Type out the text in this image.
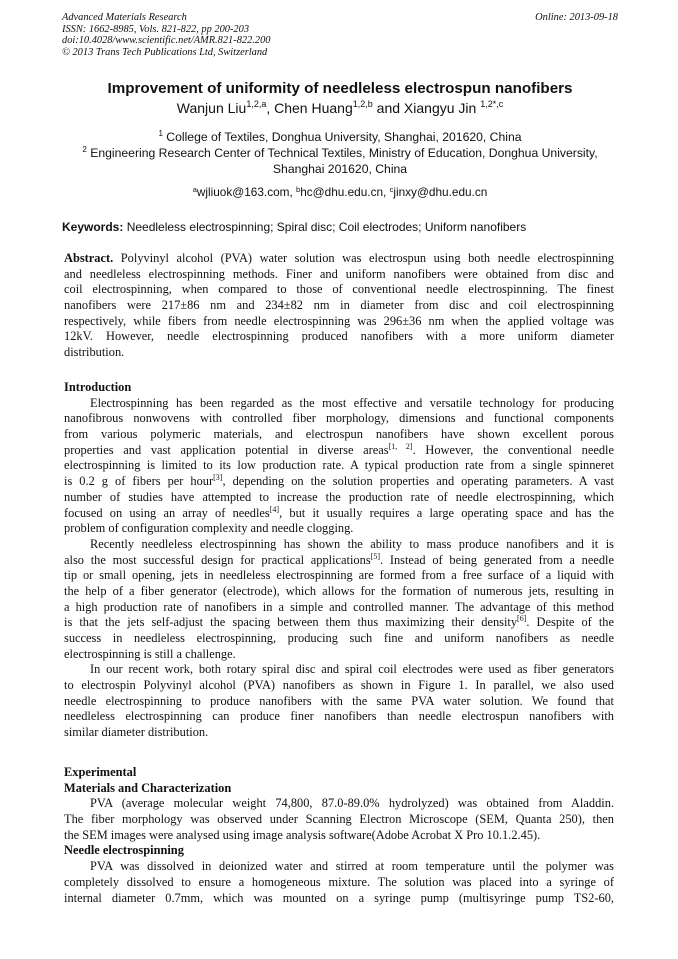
Advanced Materials Research
ISSN: 1662-8985, Vols. 821-822, pp 200-203
doi:10.4028/www.scientific.net/AMR.821-822.200
© 2013 Trans Tech Publications Ltd, Switzerland
Online: 2013-09-18
Improvement of uniformity of needleless electrospun nanofibers
Wanjun Liu$^{1,2,a}$, Chen Huang$^{1,2,b}$ and Xiangyu Jin $^{1,2*,c}$
$^1$ College of Textiles, Donghua University, Shanghai, 201620, China
$^2$ Engineering Research Center of Technical Textiles, Ministry of Education, Donghua University,
Shanghai 201620, China
$^a$wjliuok@163.com, $^b$hc@dhu.edu.cn, $^c$jinxy@dhu.edu.cn
Keywords: Needleless electrospinning; Spiral disc; Coil electrodes; Uniform nanofibers
Abstract. Polyvinyl alcohol (PVA) water solution was electrospun using both needle electrospinning
and needleless electrospinning methods. Finer and uniform nanofibers were obtained from disc and
coil electrospinning, when compared to those of conventional needle electrospinning. The finest
nanofibers were 217±86 nm and 234±82 nm in diameter from disc and coil electrospinning
respectively, while fibers from needle electrospinning was 296±36 nm when the applied voltage was
12kV. However, needle electrospinning produced nanofibers with a more uniform diameter
distribution.
Introduction
Electrospinning has been regarded as the most effective and versatile technology for producing
nanofibrous nonwovens with controlled fiber morphology, dimensions and functional components
from various polymeric materials, and electrospun nanofibers have shown excellent porous
properties and vast application potential in diverse areas[1, 2]. However, the conventional needle
electrospinning is limited to its low production rate. A typical production rate from a single spinneret
is 0.2 g of fibers per hour[3], depending on the solution properties and operating parameters. A vast
number of studies have attempted to increase the production rate of needle electrospinning, which
focused on using an array of needles[4], but it usually requires a large operating space and has the
problem of configuration complexity and needle clogging.
Recently needleless electrospinning has shown the ability to mass produce nanofibers and it is
also the most successful design for practical applications[5]. Instead of being generated from a needle
tip or small opening, jets in needleless electrospinning are formed from a free surface of a liquid with
the help of a fiber generator (electrode), which allows for the formation of numerous jets, resulting in
a high production rate of nanofibers in a simple and controlled manner. The advantage of this method
is that the jets self-adjust the spacing between them thus maximizing their density[6]. Despite of the
success in needleless electrospinning, producing such fine and uniform nanofibers as needle
electrospinning is still a challenge.
In our recent work, both rotary spiral disc and spiral coil electrodes were used as fiber generators
to electrospin Polyvinyl alcohol (PVA) nanofibers as shown in Figure 1. In parallel, we also used
needle electrospinning to produce nanofibers with the same PVA water solution. We found that
needleless electrospinning can produce finer nanofibers than needle electrospun nanofibers with
similar diameter distribution.
Experimental
Materials and Characterization
PVA (average molecular weight 74,800, 87.0-89.0% hydrolyzed) was obtained from Aladdin.
The fiber morphology was observed under Scanning Electron Microscope (SEM, Quanta 250), then
the SEM images were analysed using image analysis software(Adobe Acrobat X Pro 10.1.2.45).
Needle electrospinning
PVA was dissolved in deionized water and stirred at room temperature until the polymer was
completely dissolved to ensure a homogeneous mixture. The solution was placed into a syringe of
internal diameter 0.7mm, which was mounted on a syringe pump (multisyringe pump TS2-60,
